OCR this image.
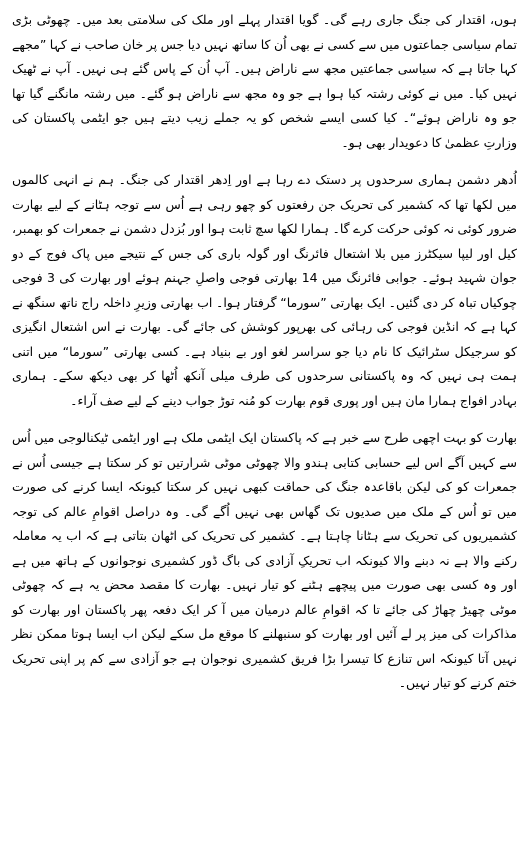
ہوں، اقتدار کی جنگ جاری رہے گی۔ گویا اقتدار پہلے اور ملک کی سلامتی بعد میں۔ چھوٹی بڑی تمام سیاسی جماعتوں میں سے کسی نے بھی اُن کا ساتھ نہیں دیا جس پر خان صاحب نے کہا ”مجھے کہا جاتا ہے کہ سیاسی جماعتیں مجھ سے ناراض ہیں۔ آپ اُن کے پاس گئے ہی نہیں۔ آپ نے ٹھیک نہیں کیا۔ میں نے کوئی رشتہ کیا ہوا ہے جو وہ مجھ سے ناراض ہو گئے۔ میں رشتہ مانگنے گیا تھا جو وہ ناراض ہوئے“۔ کیا کسی ایسے شخص کو یہ جملے زیب دیتے ہیں جو ایٹمی پاکستان کی وزارتِ عظمیٰ کا دعویدار بھی ہو۔

اُدھر دشمن ہماری سرحدوں پر دستک دے رہا ہے اور اِدھر اقتدار کی جنگ۔ ہم نے انہی کالموں میں لکھا تھا کہ کشمیر کی تحریک جن رفعتوں کو چھو رہی ہے اُس سے توجہ ہٹانے کے لیے بھارت ضرور کوئی نہ کوئی حرکت کرے گا۔ ہمارا لکھا سچ ثابت ہوا اور بُزدل دشمن نے جمعرات کو بھمبر، کیل اور لیپا سیکٹرز میں بلا اشتعال فائرنگ اور گولہ باری کی جس کے نتیجے میں پاک فوج کے دو جوان شہید ہوئے۔ جوابی فائرنگ میں 14 بھارتی فوجی واصلِ جہنم ہوئے اور بھارت کی 3 فوجی چوکیاں تباہ کر دی گئیں۔ ایک بھارتی ”سورما“ گرفتار ہوا۔ اب بھارتی وزیرِ داخلہ راج ناتھ سنگھ نے کہا ہے کہ انڈین فوجی کی رہائی کی بھرپور کوشش کی جائے گی۔ بھارت نے اس اشتعال انگیزی کو سرجیکل سٹرائیک کا نام دیا جو سراسر لغو اور بے بنیاد ہے۔ کسی بھارتی ”سورما“ میں اتنی ہمت ہی نہیں کہ وہ پاکستانی سرحدوں کی طرف میلی آنکھ اُٹھا کر بھی دیکھ سکے۔ ہماری بہادر افواج ہمارا مان ہیں اور پوری قوم بھارت کو مُنہ توڑ جواب دینے کے لیے صف آراء۔

بھارت کو بہت اچھی طرح سے خبر ہے کہ پاکستان ایک ایٹمی ملک ہے اور ایٹمی ٹیکنالوجی میں اُس سے کہیں آگے اس لیے حسابی کتابی ہندو والا چھوٹی موٹی شرارتیں تو کر سکتا ہے جیسی اُس نے جمعرات کو کی لیکن باقاعدہ جنگ کی حماقت کبھی نہیں کر سکتا کیونکہ ایسا کرنے کی صورت میں تو اُس کے ملک میں صدیوں تک گھاس بھی نہیں اُگے گی۔ وہ دراصل اقوامِ عالم کی توجہ کشمیریوں کی تحریک سے ہٹانا چاہتا ہے۔ کشمیر کی تحریک کی اٹھان بتاتی ہے کہ اب یہ معاملہ رکنے والا ہے نہ دبنے والا کیونکہ اب تحریکِ آزادی کی باگ ڈور کشمیری نوجوانوں کے ہاتھ میں ہے اور وہ کسی بھی صورت میں پیچھے ہٹنے کو تیار نہیں۔ بھارت کا مقصد محض یہ ہے کہ چھوٹی موٹی چھیڑ چھاڑ کی جائے تا کہ اقوامِ عالم درمیان میں آ کر ایک دفعہ پھر پاکستان اور بھارت کو مذاکرات کی میز پر لے آئیں اور بھارت کو سنبھلنے کا موقع مل سکے لیکن اب ایسا ہوتا ممکن نظر نہیں آتا کیونکہ اس تنازع کا تیسرا بڑا فریق کشمیری نوجوان ہے جو آزادی سے کم پر اپنی تحریک ختم کرنے کو تیار نہیں۔
